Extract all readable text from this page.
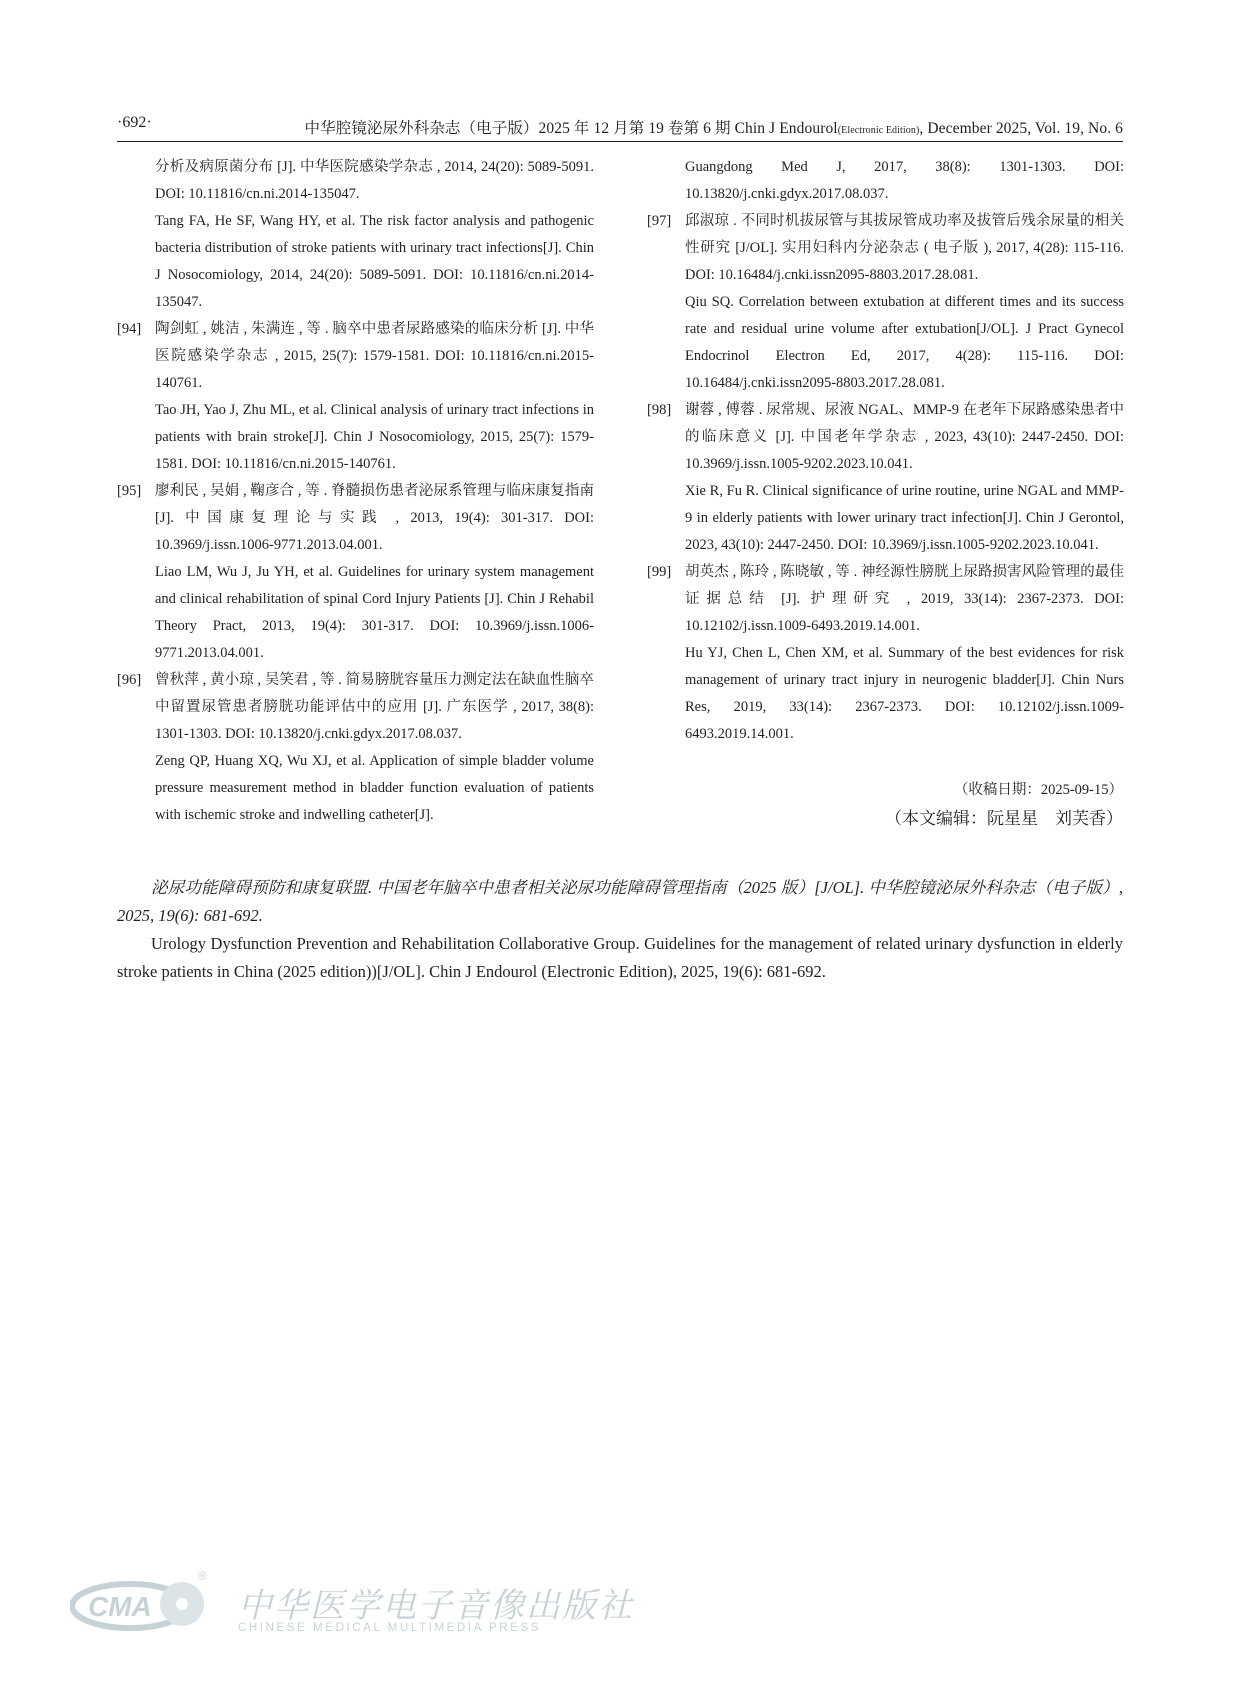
·692·	中华腔镜泌尿外科杂志（电子版）2025 年 12 月第 19 卷第 6 期 Chin J Endourol(Electronic Edition), December 2025, Vol. 19, No. 6
分析及病原菌分布 [J]. 中华医院感染学杂志 , 2014, 24(20): 5089-5091. DOI: 10.11816/cn.ni.2014-135047.
Tang FA, He SF, Wang HY, et al. The risk factor analysis and pathogenic bacteria distribution of stroke patients with urinary tract infections[J]. Chin J Nosocomiology, 2014, 24(20): 5089-5091. DOI: 10.11816/cn.ni.2014-135047.
[94] 陶剑虹 , 姚洁 , 朱满连 , 等 . 脑卒中患者尿路感染的临床分析 [J]. 中华医院感染学杂志 , 2015, 25(7): 1579-1581. DOI: 10.11816/cn.ni.2015-140761.
Tao JH, Yao J, Zhu ML, et al. Clinical analysis of urinary tract infections in patients with brain stroke[J]. Chin J Nosocomiology, 2015, 25(7): 1579-1581. DOI: 10.11816/cn.ni.2015-140761.
[95] 廖利民 , 吴娟 , 鞠彦合 , 等 . 脊髓损伤患者泌尿系管理与临床康复指南 [J]. 中国康复理论与实践 , 2013, 19(4): 301-317. DOI: 10.3969/j.issn.1006-9771.2013.04.001.
Liao LM, Wu J, Ju YH, et al. Guidelines for urinary system management and clinical rehabilitation of spinal Cord Injury Patients [J]. Chin J Rehabil Theory Pract, 2013, 19(4): 301-317. DOI: 10.3969/j.issn.1006-9771.2013.04.001.
[96] 曾秋萍 , 黄小琼 , 吴笑君 , 等 . 简易膀胱容量压力测定法在缺血性脑卒中留置尿管患者膀胱功能评估中的应用 [J]. 广东医学 , 2017, 38(8): 1301-1303. DOI: 10.13820/j.cnki.gdyx.2017.08.037.
Zeng QP, Huang XQ, Wu XJ, et al. Application of simple bladder volume pressure measurement method in bladder function evaluation of patients with ischemic stroke and indwelling catheter[J].
Guangdong Med J, 2017, 38(8): 1301-1303. DOI: 10.13820/j.cnki.gdyx.2017.08.037.
[97] 邱淑琼 . 不同时机拔尿管与其拔尿管成功率及拔管后残余尿量的相关性研究 [J/OL]. 实用妇科内分泌杂志 ( 电子版 ), 2017, 4(28): 115-116. DOI: 10.16484/j.cnki.issn2095-8803.2017.28.081.
Qiu SQ. Correlation between extubation at different times and its success rate and residual urine volume after extubation[J/OL]. J Pract Gynecol Endocrinol Electron Ed, 2017, 4(28): 115-116. DOI: 10.16484/j.cnki.issn2095-8803.2017.28.081.
[98] 谢蓉 , 傅蓉 . 尿常规、尿液 NGAL、MMP-9 在老年下尿路感染患者中的临床意义 [J]. 中国老年学杂志 , 2023, 43(10): 2447-2450. DOI: 10.3969/j.issn.1005-9202.2023.10.041.
Xie R, Fu R. Clinical significance of urine routine, urine NGAL and MMP-9 in elderly patients with lower urinary tract infection[J]. Chin J Gerontol, 2023, 43(10): 2447-2450. DOI: 10.3969/j.issn.1005-9202.2023.10.041.
[99] 胡英杰 , 陈玲 , 陈晓敏 , 等 . 神经源性膀胱上尿路损害风险管理的最佳证据总结 [J]. 护理研究 , 2019, 33(14): 2367-2373. DOI: 10.12102/j.issn.1009-6493.2019.14.001.
Hu YJ, Chen L, Chen XM, et al. Summary of the best evidences for risk management of urinary tract injury in neurogenic bladder[J]. Chin Nurs Res, 2019, 33(14): 2367-2373. DOI: 10.12102/j.issn.1009-6493.2019.14.001.
（收稿日期：2025-09-15）
（本文编辑：阮星星　刘芙香）
泌尿功能障碍预防和康复联盟. 中国老年脑卒中患者相关泌尿功能障碍管理指南（2025 版）[J/OL]. 中华腔镜泌尿外科杂志（电子版）, 2025, 19(6): 681-692.
Urology Dysfunction Prevention and Rehabilitation Collaborative Group. Guidelines for the management of related urinary dysfunction in elderly stroke patients in China (2025 edition))[J/OL]. Chin J Endourol (Electronic Edition), 2025, 19(6): 681-692.
CMA
®
中华医学电子音像出版社
CHINESE MEDICAL MULTIMEDIA PRESS
